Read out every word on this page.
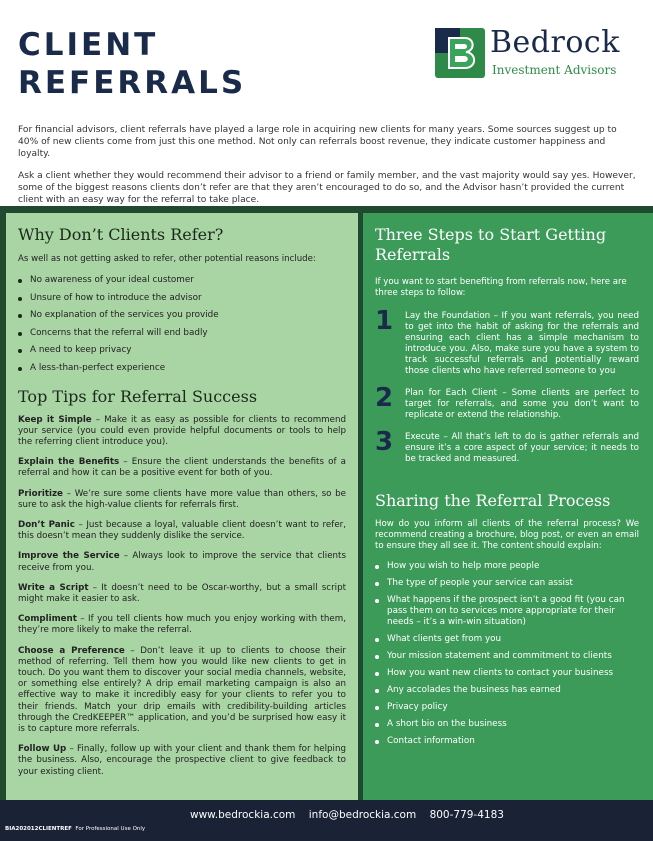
CLIENT
REFERRALS
Bedrock
Investment Advisors

For financial advisors, client referrals have played a large role in acquiring new clients for many years. Some sources suggest up to 40% of new clients come from just this one method. Not only can referrals boost revenue, they indicate customer happiness and loyalty.

Ask a client whether they would recommend their advisor to a friend or family member, and the vast majority would say yes. However, some of the biggest reasons clients don’t refer are that they aren’t encouraged to do so, and the Advisor hasn’t provided the current client with an easy way for the referral to take place.

Why Don’t Clients Refer?

As well as not getting asked to refer, other potential reasons include:

No awareness of your ideal customer
Unsure of how to introduce the advisor
No explanation of the services you provide
Concerns that the referral will end badly
A need to keep privacy
A less-than-perfect experience
Top Tips for Referral Success

Keep it Simple – Make it as easy as possible for clients to recommend your service (you could even provide helpful documents or tools to help the referring client introduce you).

Explain the Benefits – Ensure the client understands the benefits of a referral and how it can be a positive event for both of you.

Prioritize – We’re sure some clients have more value than others, so be sure to ask the high-value clients for referrals first.

Don’t Panic – Just because a loyal, valuable client doesn’t want to refer, this doesn’t mean they suddenly dislike the service.

Improve the Service – Always look to improve the service that clients receive from you.

Write a Script – It doesn’t need to be Oscar-worthy, but a small script might make it easier to ask.

Compliment – If you tell clients how much you enjoy working with them, they’re more likely to make the referral.

Choose a Preference – Don’t leave it up to clients to choose their method of referring. Tell them how you would like new clients to get in touch. Do you want them to discover your social media channels, website, or something else entirely? A drip email marketing campaign is also an effective way to make it incredibly easy for your clients to refer you to their friends. Match your drip emails with credibility-building articles through the CredKEEPER™ application, and you’d be surprised how easy it is to capture more referrals.

Follow Up – Finally, follow up with your client and thank them for helping the business. Also, encourage the prospective client to give feedback to your existing client.

Three Steps to Start Getting Referrals

If you want to start benefiting from referrals now, here are three steps to follow:

1 Lay the Foundation – If you want referrals, you need to get into the habit of asking for the referrals and ensuring each client has a simple mechanism to introduce you. Also, make sure you have a system to track successful referrals and potentially reward those clients who have referred someone to you
2 Plan for Each Client – Some clients are perfect to target for referrals, and some you don’t want to replicate or extend the relationship.
3 Execute – All that’s left to do is gather referrals and ensure it’s a core aspect of your service; it needs to be tracked and measured.
Sharing the Referral Process

How do you inform all clients of the referral process? We recommend creating a brochure, blog post, or even an email to ensure they all see it. The content should explain:

How you wish to help more people
The type of people your service can assist
What happens if the prospect isn’t a good fit (you can pass them on to services more appropriate for their needs – it’s a win-win situation)
What clients get from you
Your mission statement and commitment to clients
How you want new clients to contact your business
Any accolades the business has earned
Privacy policy
A short bio on the business
Contact information
www.bedrockia.com info@bedrockia.com 800-779-4183
BIA202012CLIENTREF For Professional Use Only
